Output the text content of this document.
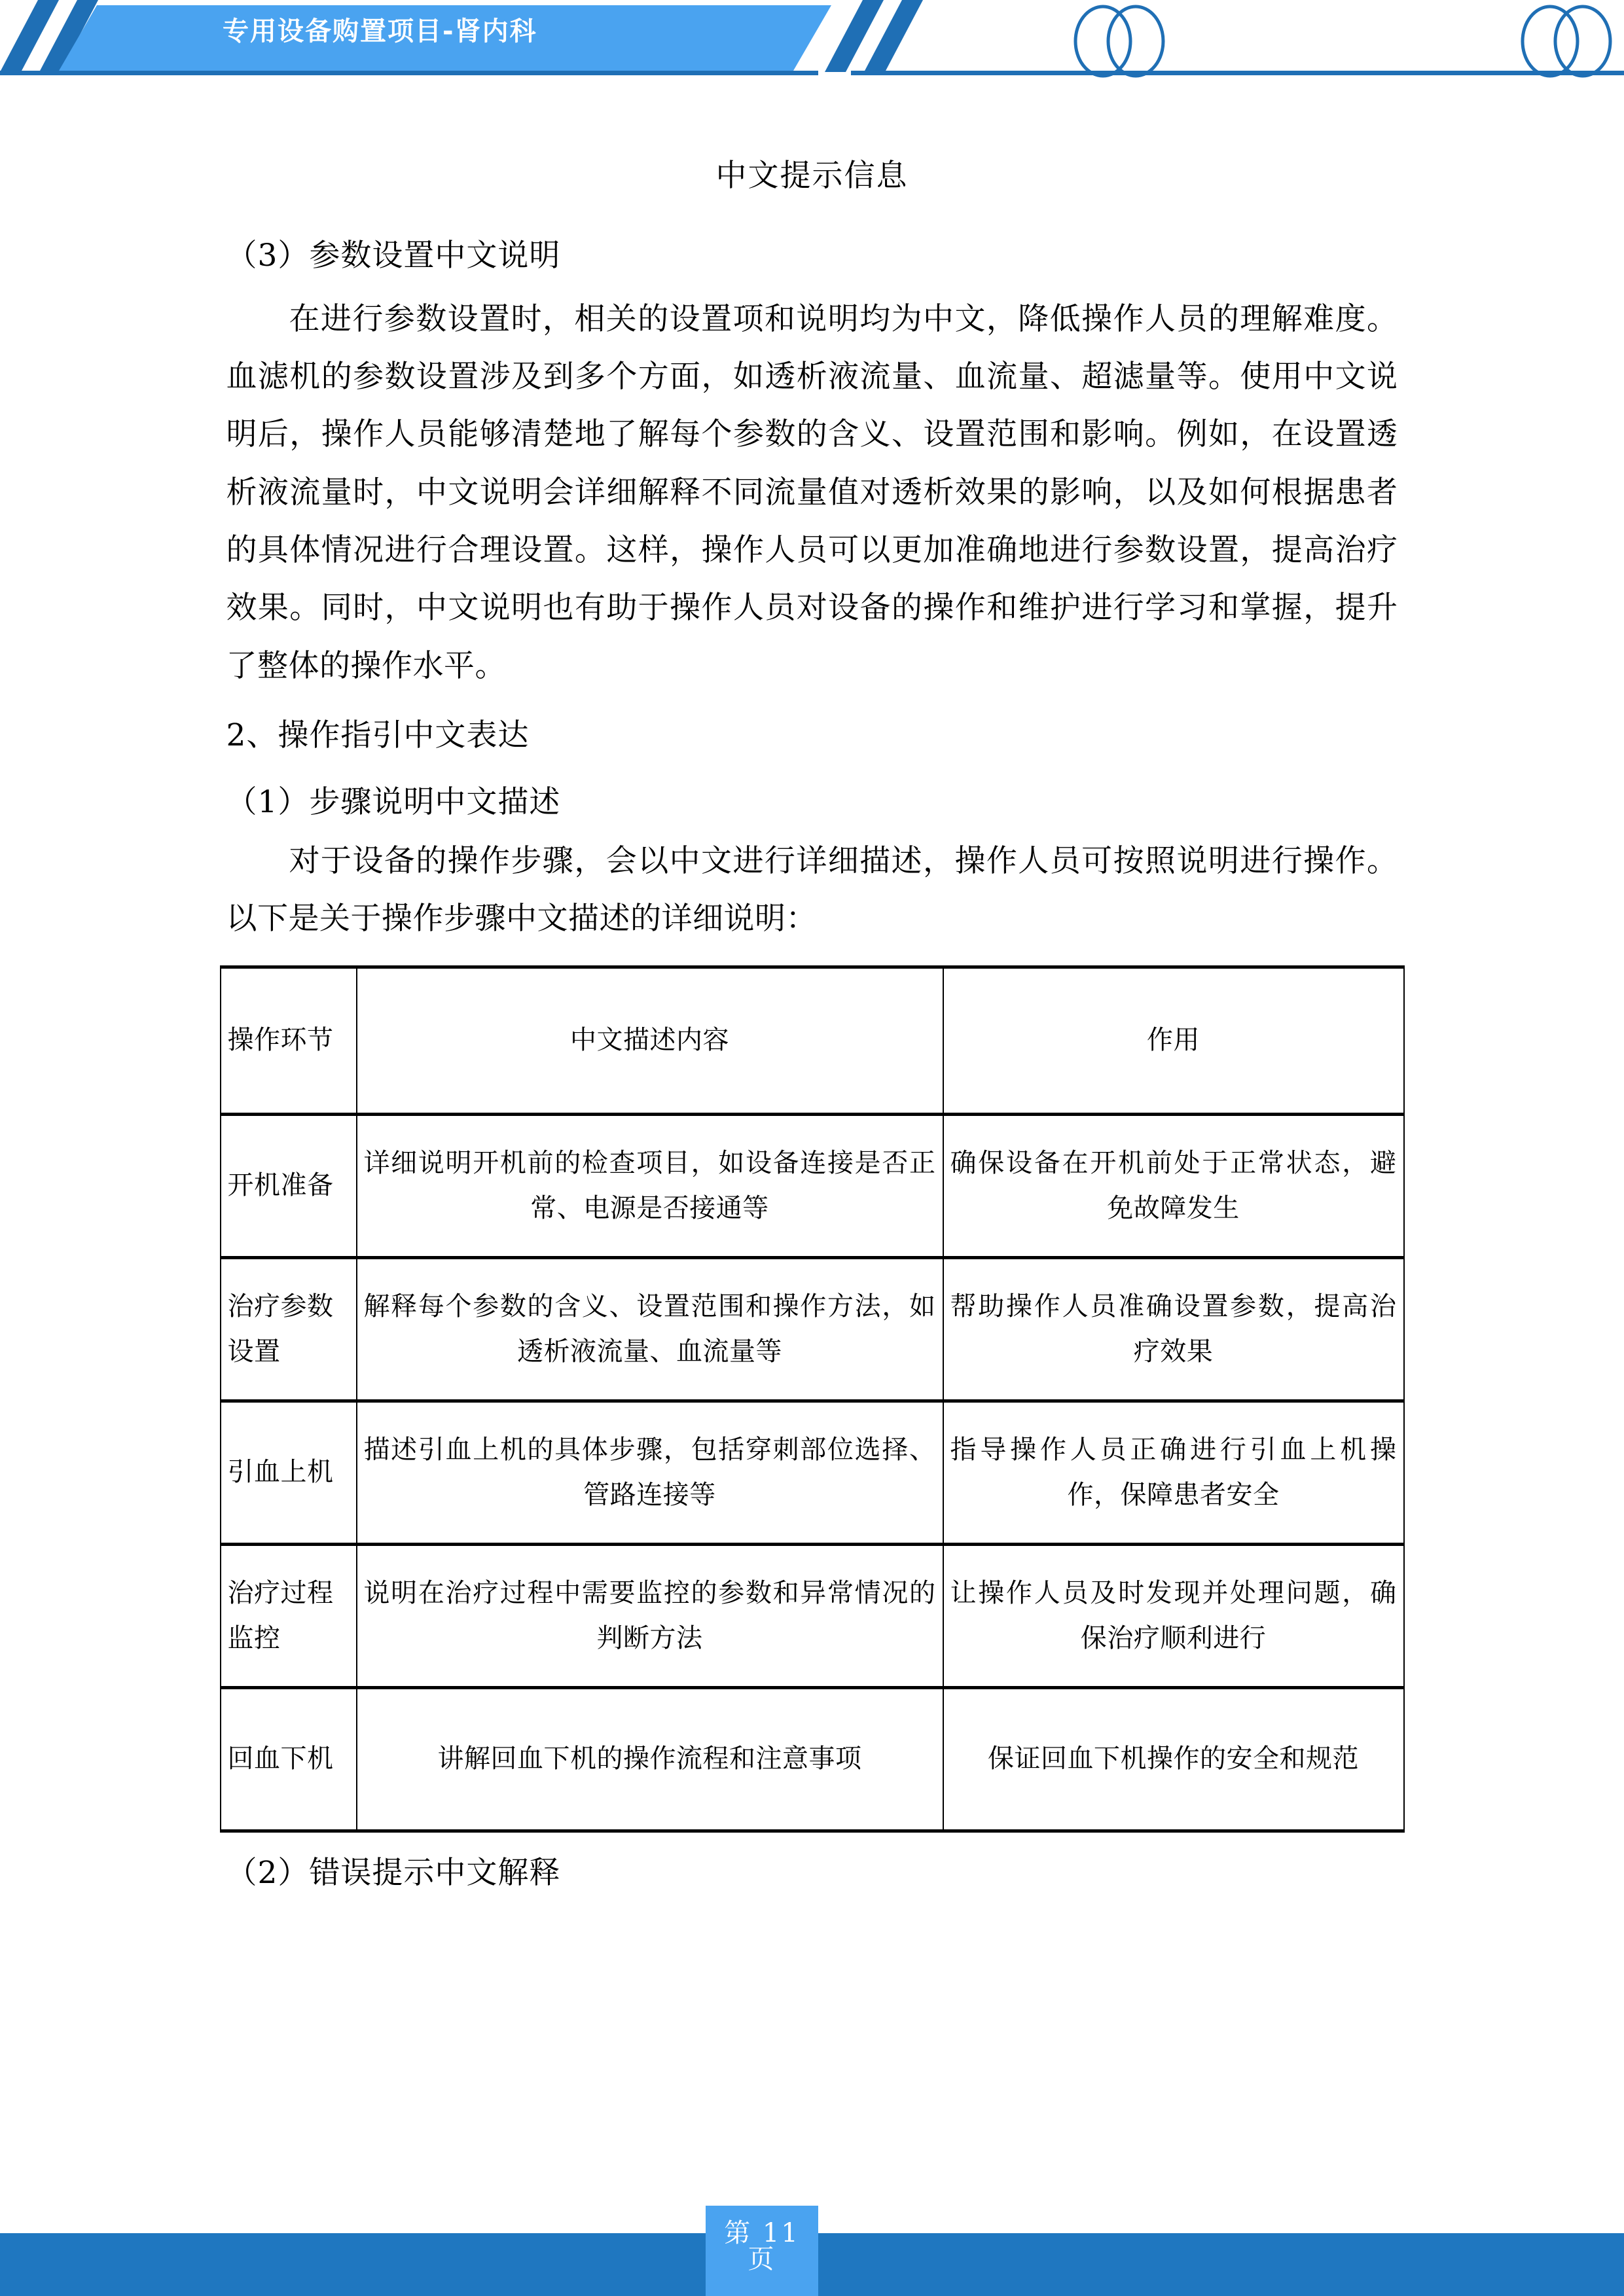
专用设备购置项目-肾内科
中文提示信息
（3）参数设置中文说明
在进行参数设置时，相关的设置项和说明均为中文，降低操作人员的理解难度。血滤机的参数设置涉及到多个方面，如透析液流量、血流量、超滤量等。使用中文说明后，操作人员能够清楚地了解每个参数的含义、设置范围和影响。例如，在设置透析液流量时，中文说明会详细解释不同流量值对透析效果的影响，以及如何根据患者的具体情况进行合理设置。这样，操作人员可以更加准确地进行参数设置，提高治疗效果。同时，中文说明也有助于操作人员对设备的操作和维护进行学习和掌握，提升了整体的操作水平。
2、操作指引中文表达
（1）步骤说明中文描述
对于设备的操作步骤，会以中文进行详细描述，操作人员可按照说明进行操作。以下是关于操作步骤中文描述的详细说明：
操作环节	中文描述内容	作用
开机准备	详细说明开机前的检查项目，如设备连接是否正常、电源是否接通等	确保设备在开机前处于正常状态，避免故障发生
治疗参数设置	解释每个参数的含义、设置范围和操作方法，如透析液流量、血流量等	帮助操作人员准确设置参数，提高治疗效果
引血上机	描述引血上机的具体步骤，包括穿刺部位选择、管路连接等	指导操作人员正确进行引血上机操作，保障患者安全
治疗过程监控	说明在治疗过程中需要监控的参数和异常情况的判断方法	让操作人员及时发现并处理问题，确保治疗顺利进行
回血下机	讲解回血下机的操作流程和注意事项	保证回血下机操作的安全和规范
（2）错误提示中文解释
第 11 页
